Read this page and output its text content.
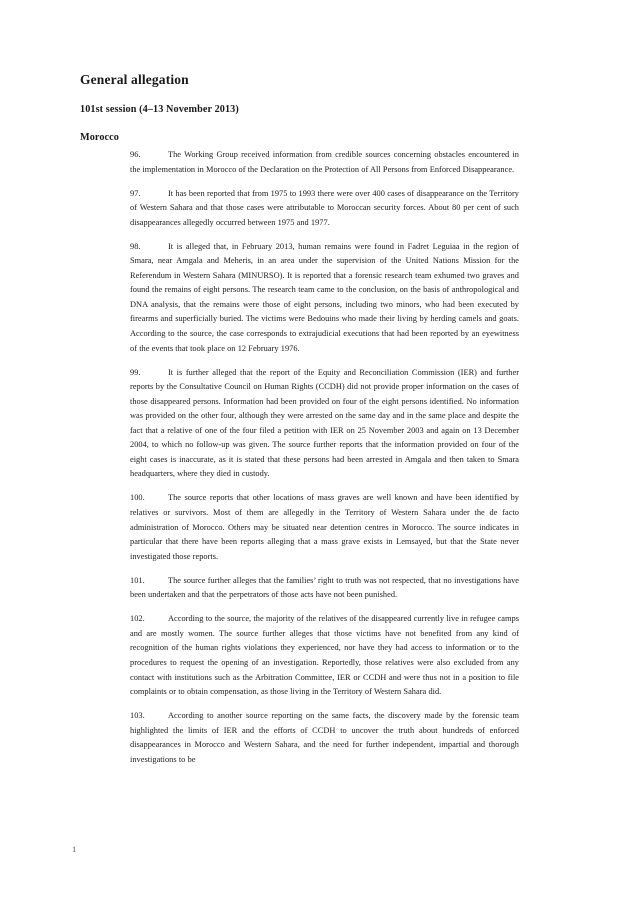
General allegation
101st session (4–13 November 2013)
Morocco

96.	The Working Group received information from credible sources concerning obstacles encountered in the implementation in Morocco of the Declaration on the Protection of All Persons from Enforced Disappearance.

97.	It has been reported that from 1975 to 1993 there were over 400 cases of disappearance on the Territory of Western Sahara and that those cases were attributable to Moroccan security forces. About 80 per cent of such disappearances allegedly occurred between 1975 and 1977.

98.	It is alleged that, in February 2013, human remains were found in Fadret Leguiaa in the region of Smara, near Amgala and Meheris, in an area under the supervision of the United Nations Mission for the Referendum in Western Sahara (MINURSO). It is reported that a forensic research team exhumed two graves and found the remains of eight persons. The research team came to the conclusion, on the basis of anthropological and DNA analysis, that the remains were those of eight persons, including two minors, who had been executed by firearms and superficially buried. The victims were Bedouins who made their living by herding camels and goats. According to the source, the case corresponds to extrajudicial executions that had been reported by an eyewitness of the events that took place on 12 February 1976.

99.	It is further alleged that the report of the Equity and Reconciliation Commission (IER) and further reports by the Consultative Council on Human Rights (CCDH) did not provide proper information on the cases of those disappeared persons. Information had been provided on four of the eight persons identified. No information was provided on the other four, although they were arrested on the same day and in the same place and despite the fact that a relative of one of the four filed a petition with IER on 25 November 2003 and again on 13 December 2004, to which no follow-up was given. The source further reports that the information provided on four of the eight cases is inaccurate, as it is stated that these persons had been arrested in Amgala and then taken to Smara headquarters, where they died in custody.

100.	The source reports that other locations of mass graves are well known and have been identified by relatives or survivors. Most of them are allegedly in the Territory of Western Sahara under the de facto administration of Morocco. Others may be situated near detention centres in Morocco. The source indicates in particular that there have been reports alleging that a mass grave exists in Lemsayed, but that the State never investigated those reports.

101.	The source further alleges that the families’ right to truth was not respected, that no investigations have been undertaken and that the perpetrators of those acts have not been punished.

102.	According to the source, the majority of the relatives of the disappeared currently live in refugee camps and are mostly women. The source further alleges that those victims have not benefited from any kind of recognition of the human rights violations they experienced, nor have they had access to information or to the procedures to request the opening of an investigation. Reportedly, those relatives were also excluded from any contact with institutions such as the Arbitration Committee, IER or CCDH and were thus not in a position to file complaints or to obtain compensation, as those living in the Territory of Western Sahara did.

103.	According to another source reporting on the same facts, the discovery made by the forensic team highlighted the limits of IER and the efforts of CCDH to uncover the truth about hundreds of enforced disappearances in Morocco and Western Sahara, and the need for further independent, impartial and thorough investigations to be

1
